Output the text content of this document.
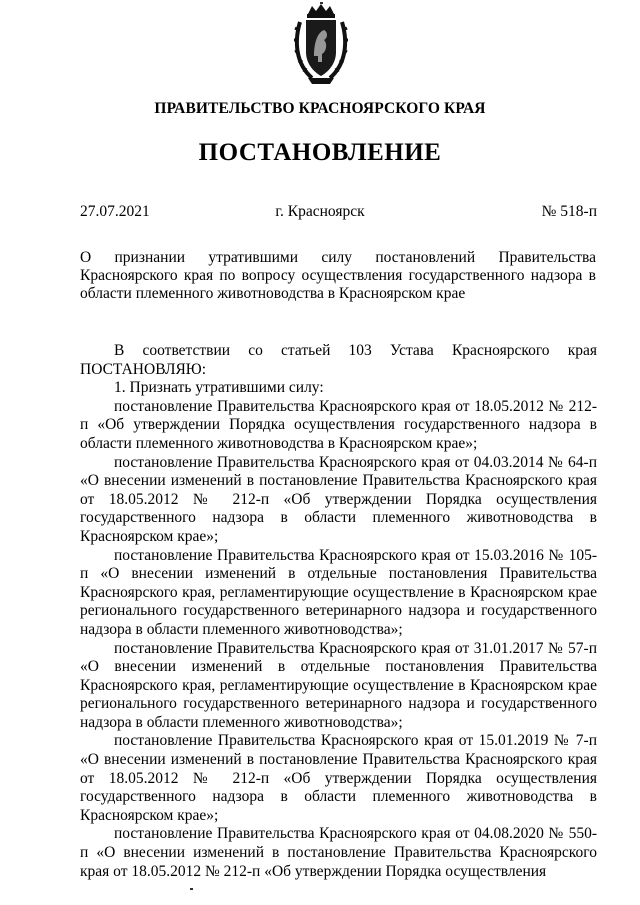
ПРАВИТЕЛЬСТВО КРАСНОЯРСКОГО КРАЯ
ПОСТАНОВЛЕНИЕ
27.07.2021	г. Красноярск	№ 518-п
О признании утратившими силу постановлений Правительства Красноярского края по вопросу осуществления государственного надзора в области племенного животноводства в Красноярском крае

В соответствии со статьей 103 Устава Красноярского края ПОСТАНОВЛЯЮ:

1. Признать утратившими силу:

постановление Правительства Красноярского края от 18.05.2012 № 212-п «Об утверждении Порядка осуществления государственного надзора в области племенного животноводства в Красноярском крае»;

постановление Правительства Красноярского края от 04.03.2014 № 64-п «О внесении изменений в постановление Правительства Красноярского края от 18.05.2012 № 212-п «Об утверждении Порядка осуществления государственного надзора в области племенного животноводства в Красноярском крае»;

постановление Правительства Красноярского края от 15.03.2016 № 105-п «О внесении изменений в отдельные постановления Правительства Красноярского края, регламентирующие осуществление в Красноярском крае регионального государственного ветеринарного надзора и государственного надзора в области племенного животноводства»;

постановление Правительства Красноярского края от 31.01.2017 № 57-п «О внесении изменений в отдельные постановления Правительства Красноярского края, регламентирующие осуществление в Красноярском крае регионального государственного ветеринарного надзора и государственного надзора в области племенного животноводства»;

постановление Правительства Красноярского края от 15.01.2019 № 7-п «О внесении изменений в постановление Правительства Красноярского края от 18.05.2012 № 212-п «Об утверждении Порядка осуществления государственного надзора в области племенного животноводства в Красноярском крае»;

постановление Правительства Красноярского края от 04.08.2020 № 550-п «О внесении изменений в постановление Правительства Красноярского края от 18.05.2012 № 212-п «Об утверждении Порядка осуществления
